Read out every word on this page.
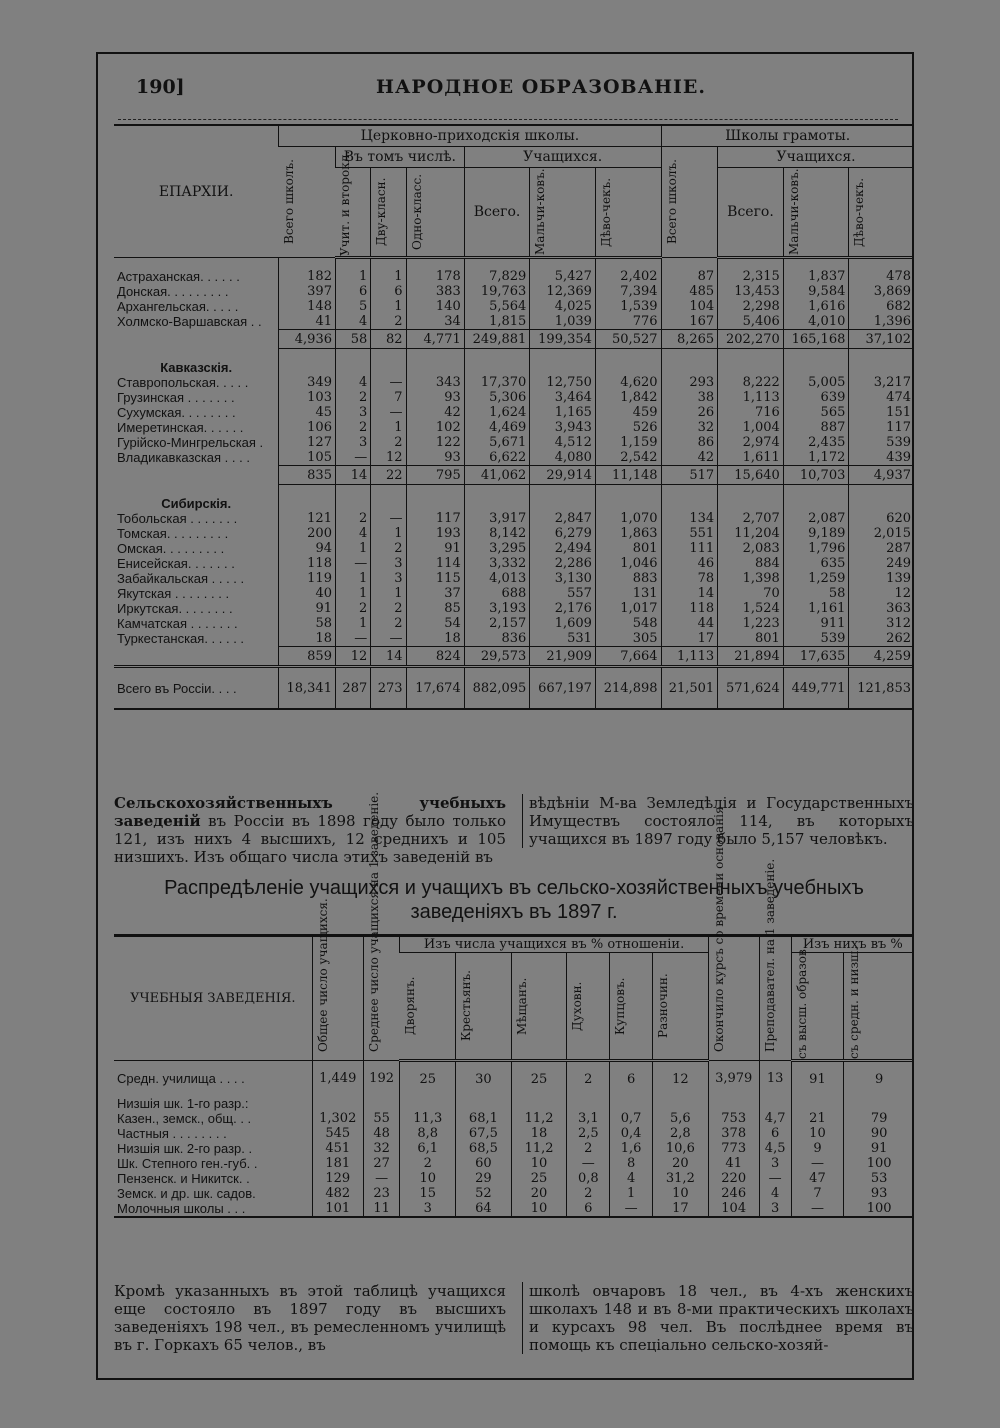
190]	НАРОДНОЕ ОБРАЗОВАНІЕ.
ЕПАРХІИ.	Церковно-приходскія школы.							Школы грамоты.			

	Всего школъ.	Въ томъ числѣ.			Учащихся.			Всего школъ.	Учащихся.		

		Учит. и второкл.	Дву-класн.	Одно-класс.	Всего.	Мальчи-ковъ.	Дѣво-чекъ.		Всего.	Мальчи-ковъ.	Дѣво-чекъ.

Астраханская. . . . . .	182	1	1	178	7,829	5,427	2,402	87	2,315	1,837	478
Донская. . . . . . . . .	397	6	6	383	19,763	12,369	7,394	485	13,453	9,584	3,869
Архангельская. . . . .	148	5	1	140	5,564	4,025	1,539	104	2,298	1,616	682
Холмско-Варшавская . .	41	4	2	34	1,815	1,039	776	167	5,406	4,010	1,396
	4,936	58	82	4,771	249,881	199,354	50,527	8,265	202,270	165,168	37,102
Кавказскія.											
Ставропольская. . . . .	349	4	—	343	17,370	12,750	4,620	293	8,222	5,005	3,217
Грузинская . . . . . . .	103	2	7	93	5,306	3,464	1,842	38	1,113	639	474
Сухумская. . . . . . . .	45	3	—	42	1,624	1,165	459	26	716	565	151
Имеретинская. . . . . .	106	2	1	102	4,469	3,943	526	32	1,004	887	117
Гурійско-Мингрельская .	127	3	2	122	5,671	4,512	1,159	86	2,974	2,435	539
Владикавказская . . . .	105	—	12	93	6,622	4,080	2,542	42	1,611	1,172	439
	835	14	22	795	41,062	29,914	11,148	517	15,640	10,703	4,937
Сибирскія.											
Тобольская . . . . . . .	121	2	—	117	3,917	2,847	1,070	134	2,707	2,087	620
Томская. . . . . . . . .	200	4	1	193	8,142	6,279	1,863	551	11,204	9,189	2,015
Омская. . . . . . . . .	94	1	2	91	3,295	2,494	801	111	2,083	1,796	287
Енисейская. . . . . . .	118	—	3	114	3,332	2,286	1,046	46	884	635	249
Забайкальская . . . . .	119	1	3	115	4,013	3,130	883	78	1,398	1,259	139
Якутская . . . . . . . .	40	1	1	37	688	557	131	14	70	58	12
Иркутская. . . . . . . .	91	2	2	85	3,193	2,176	1,017	118	1,524	1,161	363
Камчатская . . . . . . .	58	1	2	54	2,157	1,609	548	44	1,223	911	312
Туркестанская. . . . . .	18	—	—	18	836	531	305	17	801	539	262
	859	12	14	824	29,573	21,909	7,664	1,113	21,894	17,635	4,259
Всего въ Россіи. . . .	18,341	287	273	17,674	882,095	667,197	214,898	21,501	571,624	449,771	121,853
Сельскохозяйственныхъ учебныхъ заведеній въ Россіи въ 1898 году было только 121, изъ нихъ 4 высшихъ, 12 среднихъ и 105 низшихъ. Изъ общаго числа этихъ заведеній въ
вѣдѣніи М-ва Земледѣлія и Государственныхъ Имуществъ состояло 114, въ которыхъ учащихся въ 1897 году было 5,157 человѣкъ.
Распредѣленіе учащихся и учащихъ въ сельско-хозяйственныхъ учебныхъ заведеніяхъ въ 1897 г.
УЧЕБНЫЯ ЗАВЕДЕНІЯ.	Общее число учащихся.	Среднее число учащихся на 1 заведеніе.	Изъ числа учащихся въ % отношеніи.						Окончило курсъ со времени основанія	Преподавател. на 1 заведеніе.	Изъ нихъ въ %	

			Дворянъ.	Крестьянъ.	Мѣщанъ.	Духовн.	Купцовъ.	Разночин.			съ высш. образов.	съ средн. и низш.

Средн. училища . . . .	1,449	192	25	30	25	2	6	12	3,979	13	91	9
Низшія шк. 1-го разр.:												
Казен., земск., общ. . .	1,302	55	11,3	68,1	11,2	3,1	0,7	5,6	753	4,7	21	79
Частныя . . . . . . . .	545	48	8,8	67,5	18	2,5	0,4	2,8	378	6	10	90
Низшія шк. 2-го разр. .	451	32	6,1	68,5	11,2	2	1,6	10,6	773	4,5	9	91
Шк. Степного ген.-губ. .	181	27	2	60	10	—	8	20	41	3	—	100
Пензенск. и Никитск. .	129	—	10	29	25	0,8	4	31,2	220	—	47	53
Земск. и др. шк. садов.	482	23	15	52	20	2	1	10	246	4	7	93
Молочныя школы . . .	101	11	3	64	10	6	—	17	104	3	—	100
Кромѣ указанныхъ въ этой таблицѣ учащихся еще состояло въ 1897 году въ высшихъ заведеніяхъ 198 чел., въ ремесленномъ училищѣ въ г. Горкахъ 65 челов., въ
школѣ овчаровъ 18 чел., въ 4-хъ женскихъ школахъ 148 и въ 8-ми практическихъ школахъ и курсахъ 98 чел. Въ послѣднее время въ помощь къ спеціально сельско-хозяй-
